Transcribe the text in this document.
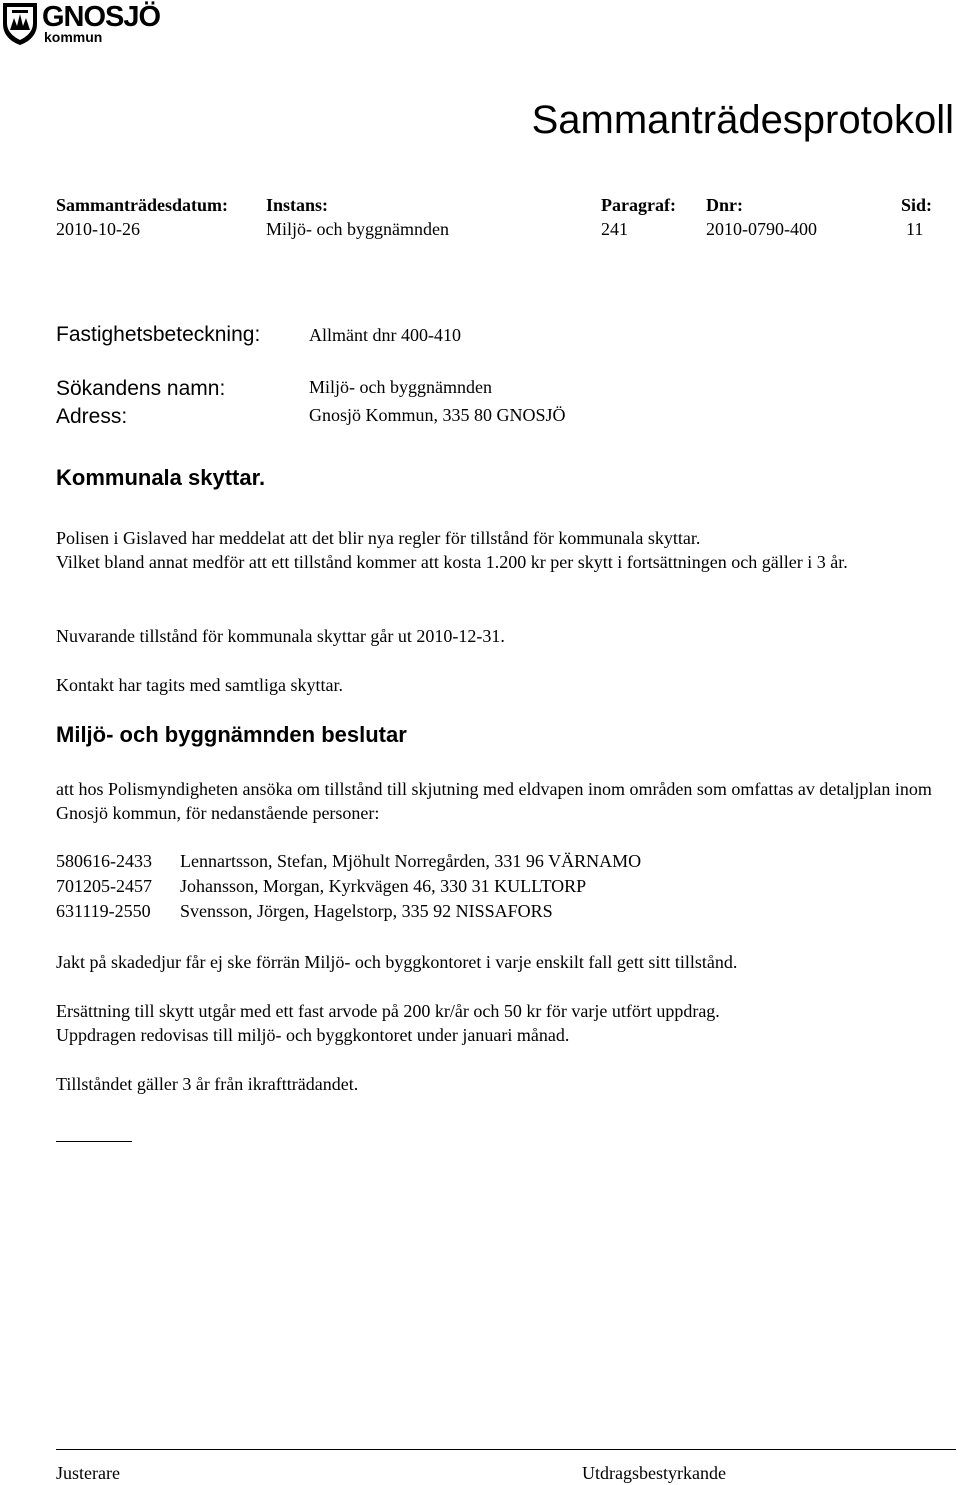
GNOSJÖ
kommun
Sammanträdesprotokoll
Sammanträdesdatum: Instans:	Paragraf: Dnr:	Sid:
2010-10-26	Miljö- och byggnämnden	241	2010-0790-400	11
Fastighetsbeteckning:	Allmänt dnr 400-410
Sökandens namn:	Miljö- och byggnämnden
Adress:	Gnosjö Kommun, 335 80 GNOSJÖ
Kommunala skyttar.

Polisen i Gislaved har meddelat att det blir nya regler för tillstånd för kommunala skyttar.

Vilket bland annat medför att ett tillstånd kommer att kosta 1.200 kr per skytt i fortsättningen och gäller i 3 år.

Nuvarande tillstånd för kommunala skyttar går ut 2010-12-31.
Kontakt har tagits med samtliga skyttar.
Miljö- och byggnämnden beslutar
att hos Polismyndigheten ansöka om tillstånd till skjutning med eldvapen inom områden som omfattas av detaljplan inom Gnosjö kommun, för nedanstående personer:
580616-2433 Lennartsson, Stefan, Mjöhult Norregården, 331 96 VÄRNAMO
701205-2457 Johansson, Morgan, Kyrkvägen 46, 330 31 KULLTORP
631119-2550 Svensson, Jörgen, Hagelstorp, 335 92 NISSAFORS
Jakt på skadedjur får ej ske förrän Miljö- och byggkontoret i varje enskilt fall gett sitt tillstånd.

Ersättning till skytt utgår med ett fast arvode på 200 kr/år och 50 kr för varje utfört uppdrag.

Uppdragen redovisas till miljö- och byggkontoret under januari månad.

Tillståndet gäller 3 år från ikraftträdandet.
Justerare	Utdragsbestyrkande
